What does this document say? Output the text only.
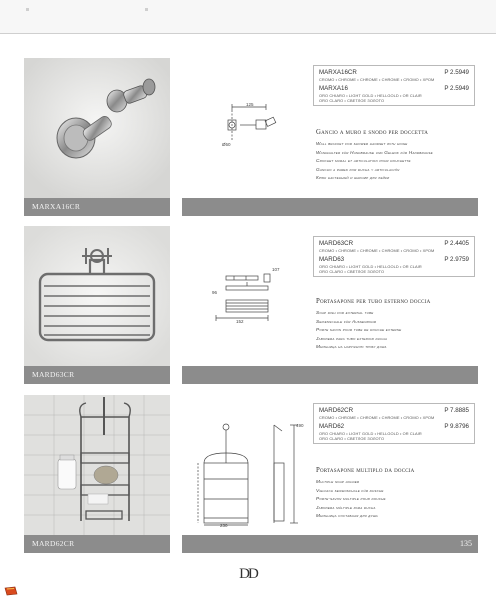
MARXA16CR
125
Ø50
MARXA16CR	P 2.5949
CROMO • CHROME • CHROME • CHROME • CROMO • ХРОМ
MARXA16	P 2.5949
ORO CHIARO • LIGHT GOLD • HELLGOLD • OR CLAIR
ORO CLARO • СВЕТЛОЕ ЗОЛОТО
Gancio a muro e snodo per doccetta
Wall bracket for shower handset with hinge
Wandhalter für Handbrause und Gelenk für Handbrause
Crochet mural et articulation pour douchette
Gancho a pared for ducha y articulación
Крюк настенный и шарнир для лейки
MARD63CR
107
96
152
MARD63CR	P 2.4405
CROMO • CHROME • CHROME • CHROME • CROMO • ХРОМ
MARD63	P 2.9759
ORO CHIARO • LIGHT GOLD • HELLGOLD • OR CLAIR
ORO CLARO • СВЕТЛОЕ ЗОЛОТО
Portasapone per tubo esterno doccia
Soap dish for external tube
Seifenschale für Aussenrohr
Porte savon pour tube de douche externe
Jabonera para tubo exterior ducha
Мыльница на наружную трубу душа
MARD62CR	135
230
490
MARD62CR	P 7.8885
CROMO • CHROME • CHROME • CHROME • CROMO • ХРОМ
MARD62	P 9.8796
ORO CHIARO • LIGHT GOLD • HELLGOLD • OR CLAIR
ORO CLARO • СВЕТЛОЕ ЗОЛОТО
Portasapone multiplo da doccia
Multiple soap holder
Vielfach seifenschale für dusche
Porte-savon multiple pour douche
Jabonera múltiple para ducha
Мыльница составная для душа
DD
